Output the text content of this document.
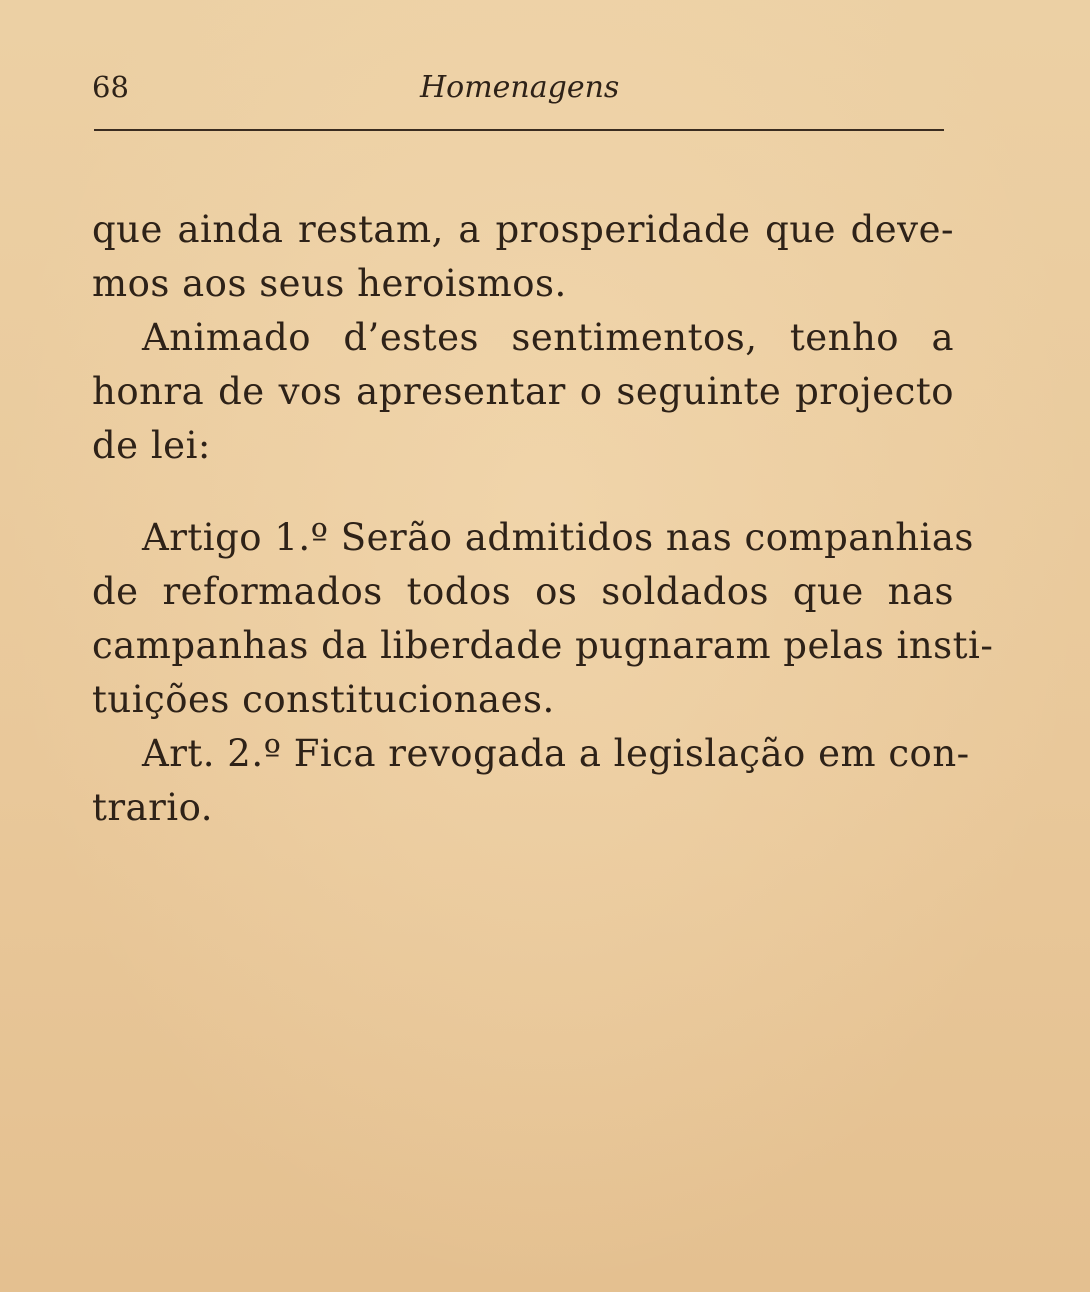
68	Homenagens
que ainda restam, a prosperidade que deve-
mos aos seus heroismos.
Animado d’estes sentimentos, tenho a
honra de vos apresentar o seguinte projecto
de lei:
Artigo 1.º Serão admitidos nas companhias
de reformados todos os soldados que nas
campanhas da liberdade pugnaram pelas insti-
tuições constitucionaes.
Art. 2.º Fica revogada a legislação em con-
trario.
